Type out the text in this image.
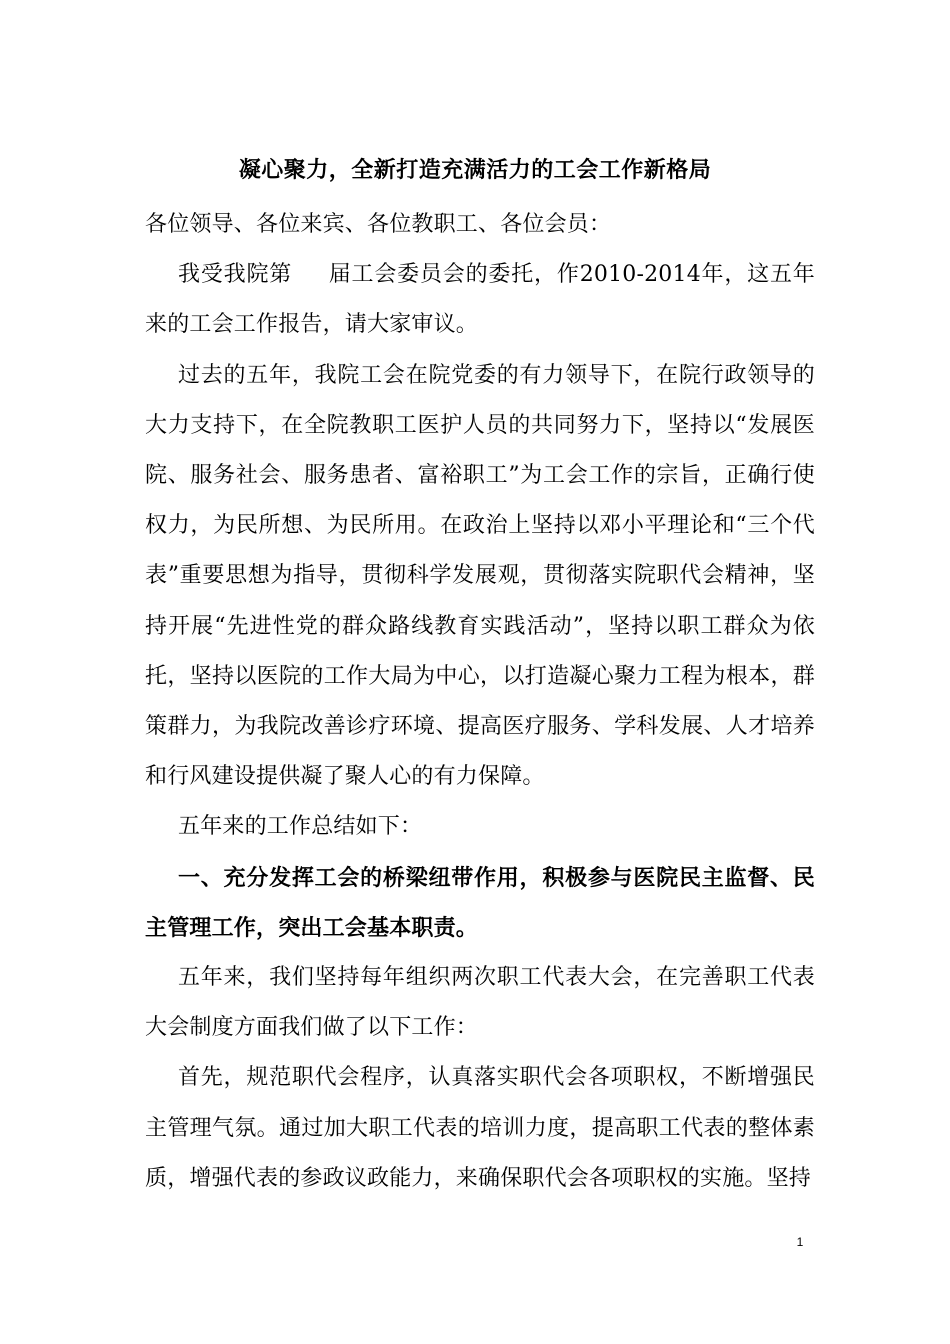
凝心聚力，全新打造充满活力的工会工作新格局

各位领导、各位来宾、各位教职工、各位会员：

我受我院第 届工会委员会的委托，作2010-2014年，这五年来的工会工作报告，请大家审议。

过去的五年，我院工会在院党委的有力领导下，在院行政领导的大力支持下，在全院教职工医护人员的共同努力下，坚持以“发展医院、服务社会、服务患者、富裕职工”为工会工作的宗旨，正确行使权力，为民所想、为民所用。在政治上坚持以邓小平理论和“三个代表”重要思想为指导，贯彻科学发展观，贯彻落实院职代会精神，坚持开展“先进性党的群众路线教育实践活动”，坚持以职工群众为依托，坚持以医院的工作大局为中心，以打造凝心聚力工程为根本，群策群力，为我院改善诊疗环境、提高医疗服务、学科发展、人才培养和行风建设提供凝了聚人心的有力保障。

五年来的工作总结如下：

一、充分发挥工会的桥梁纽带作用，积极参与医院民主监督、民主管理工作，突出工会基本职责。

五年来，我们坚持每年组织两次职工代表大会，在完善职工代表大会制度方面我们做了以下工作：

首先，规范职代会程序，认真落实职代会各项职权，不断增强民主管理气氛。通过加大职工代表的培训力度，提高职工代表的整体素质，增强代表的参政议政能力，来确保职代会各项职权的实施。坚持

1
